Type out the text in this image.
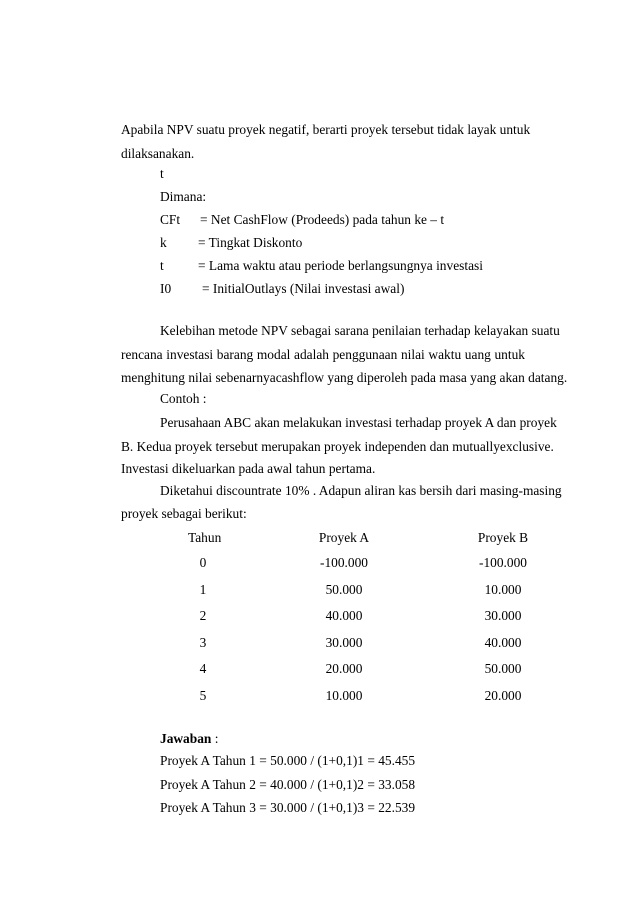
Apabila NPV suatu proyek negatif, berarti proyek tersebut tidak layak untuk
dilaksanakan.
t
Dimana:
CFt = Net CashFlow (Prodeeds) pada tahun ke – t
k = Tingkat Diskonto
t	= Lama waktu atau periode berlangsungnya investasi
I0 = InitialOutlays (Nilai investasi awal)
Kelebihan metode NPV sebagai sarana penilaian terhadap kelayakan suatu
rencana investasi barang modal adalah penggunaan nilai waktu uang untuk
menghitung nilai sebenarnyacashflow yang diperoleh pada masa yang akan datang.
Contoh :
Perusahaan ABC akan melakukan investasi terhadap proyek A dan proyek
B. Kedua proyek tersebut merupakan proyek independen dan mutuallyexclusive.
Investasi dikeluarkan pada awal tahun pertama.
Diketahui discountrate 10% . Adapun aliran kas bersih dari masing-masing
proyek sebagai berikut:
Tahun	Proyek A	Proyek B
0	-100.000	-100.000
1	50.000	10.000
2	40.000	30.000
3	30.000	40.000
4	20.000	50.000
5	10.000	20.000
Jawaban :
Proyek A Tahun 1 = 50.000 / (1+0,1)1 = 45.455
Proyek A Tahun 2 = 40.000 / (1+0,1)2 = 33.058
Proyek A Tahun 3 = 30.000 / (1+0,1)3 = 22.539
